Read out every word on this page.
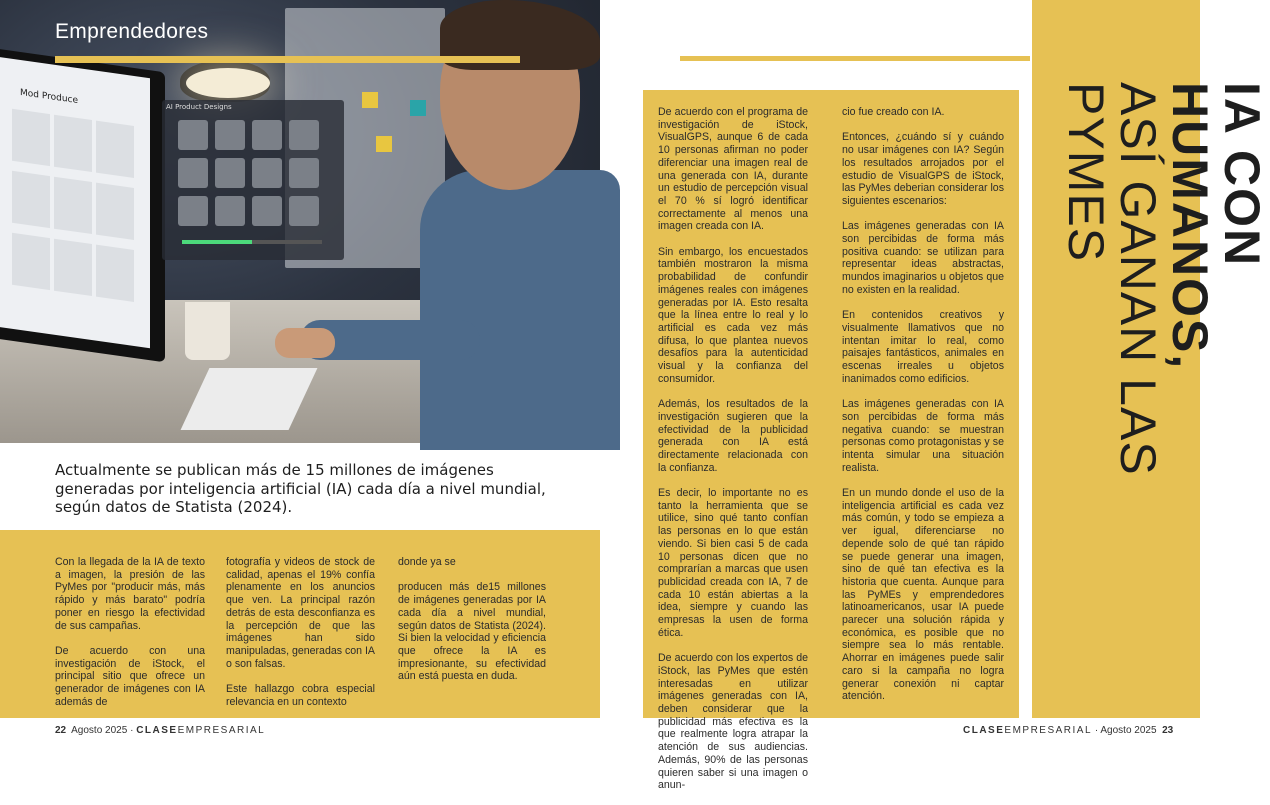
Mod Produce
AI Product Designs
Emprendedores
Actualmente se publican más de 15 millones de imágenes generadas por inteligencia artificial (IA) cada día a nivel mundial, según datos de Statista (2024).

Con la llegada de la IA de texto a imagen, la presión de las PyMes por "producir más, más rápido y más barato" podría poner en riesgo la efectividad de sus campañas.

De acuerdo con una investigación de iStock, el principal sitio que ofrece un generador de imágenes con IA además de

fotografía y videos de stock de calidad, apenas el 19% confía plenamente en los anuncios que ven. La principal razón detrás de esta desconfianza es la percepción de que las imágenes han sido manipuladas, generadas con IA o son falsas.

Este hallazgo cobra especial relevancia en un contexto

donde ya se

producen más de15 millones de imágenes generadas por IA cada día a nivel mundial, según datos de Statista (2024). Si bien la velocidad y eficiencia que ofrece la IA es impresionante, su efectividad aún está puesta en duda.

22 Agosto 2025 · CLASEEMPRESARIAL

De acuerdo con el programa de investigación de iStock, VisualGPS, aunque 6 de cada 10 personas afirman no poder diferenciar una imagen real de una generada con IA, durante un estudio de percepción visual el 70 % sí logró identificar correctamente al menos una imagen creada con IA.

Sin embargo, los encuestados también mostraron la misma probabilidad de confundir imágenes reales con imágenes generadas por IA. Esto resalta que la línea entre lo real y lo artificial es cada vez más difusa, lo que plantea nuevos desafíos para la autenticidad visual y la confianza del consumidor.

Además, los resultados de la investigación sugieren que la efectividad de la publicidad generada con IA está directamente relacionada con la confianza.

Es decir, lo importante no es tanto la herramienta que se utilice, sino qué tanto confían las personas en lo que están viendo. Si bien casi 5 de cada 10 personas dicen que no comprarían a marcas que usen publicidad creada con IA, 7 de cada 10 están abiertas a la idea, siempre y cuando las empresas la usen de forma ética.

De acuerdo con los expertos de iStock, las PyMes que estén interesadas en utilizar imágenes generadas con IA, deben considerar que la publicidad más efectiva es la que realmente logra atrapar la atención de sus audiencias. Además, 90% de las personas quieren saber si una imagen o anun-

cio fue creado con IA.

Entonces, ¿cuándo sí y cuándo no usar imágenes con IA? Según los resultados arrojados por el estudio de VisualGPS de iStock, las PyMes deberian considerar los siguientes escenarios:

Las imágenes generadas con IA son percibidas de forma más positiva cuando: se utilizan para representar ideas abstractas, mundos imaginarios u objetos que no existen en la realidad.

En contenidos creativos y visualmente llamativos que no intentan imitar lo real, como paisajes fantásticos, animales en escenas irreales u objetos inanimados como edificios.

Las imágenes generadas con IA son percibidas de forma más negativa cuando: se muestran personas como protagonistas y se intenta simular una situación realista.

En un mundo donde el uso de la inteligencia artificial es cada vez más común, y todo se empieza a ver igual, diferenciarse no depende solo de qué tan rápido se puede generar una imagen, sino de qué tan efectiva es la historia que cuenta. Aunque para las PyMEs y emprendedores latinoamericanos, usar IA puede parecer una solución rápida y económica, es posible que no siempre sea lo más rentable. Ahorrar en imágenes puede salir caro si la campaña no logra generar conexión ni captar atención.

IA CON HUMANOS,
ASÍ GANAN LAS PYMES
CLASEEMPRESARIAL · Agosto 2025 23
